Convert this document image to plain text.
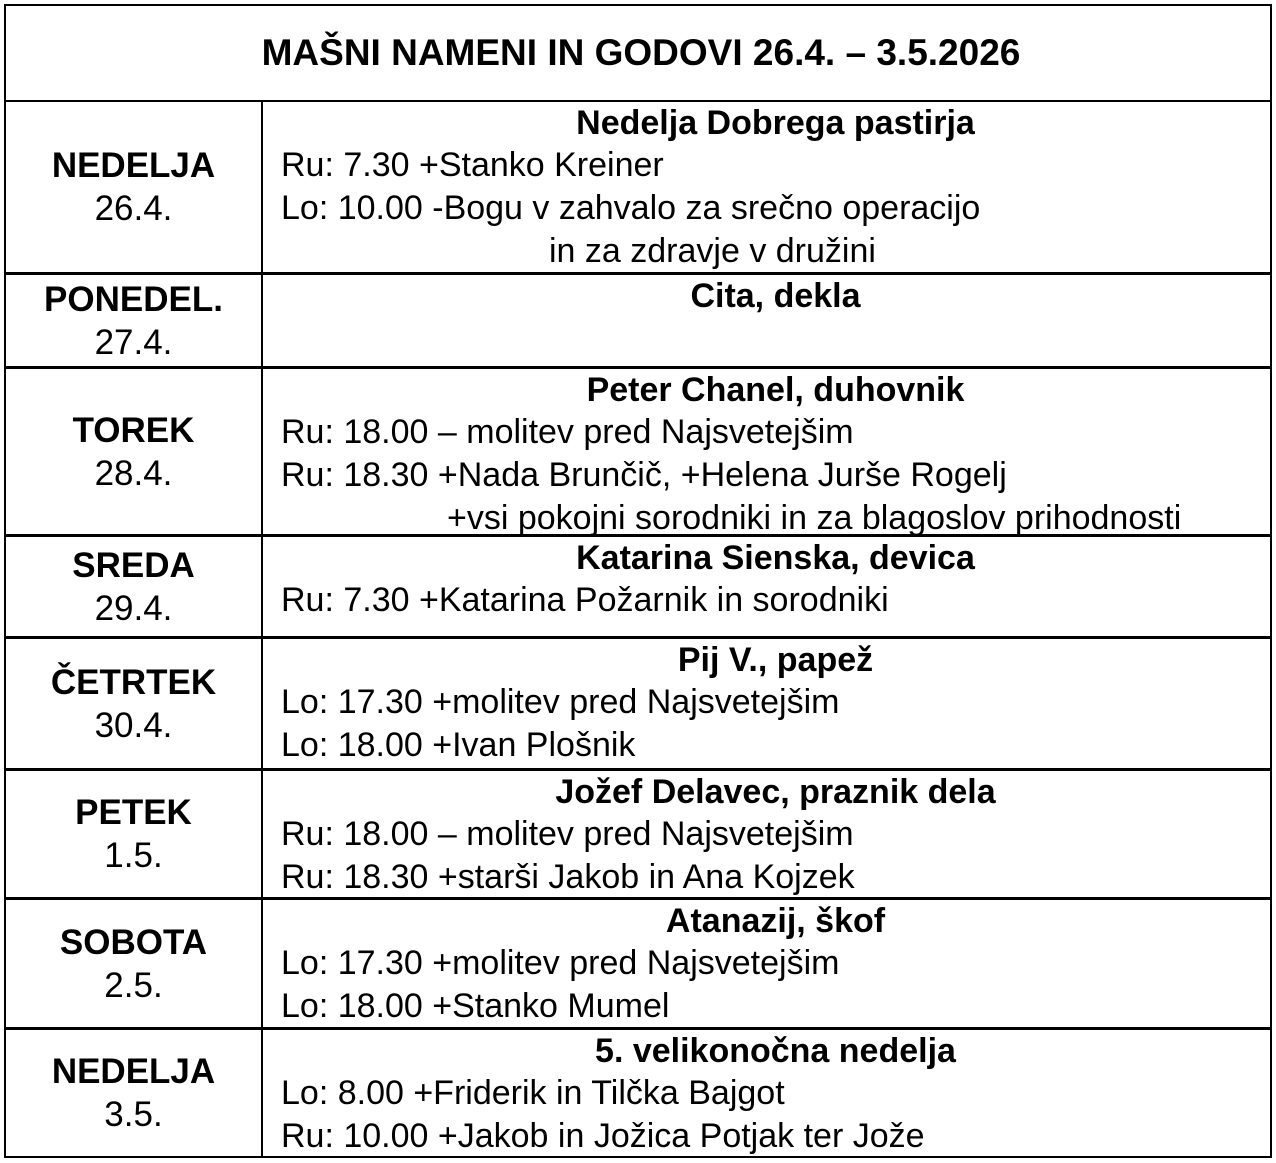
MAŠNI NAMENI IN GODOVI 26.4. – 3.5.2026
NEDELJA
26.4.
Nedelja Dobrega pastirja
Ru: 7.30 +Stanko Kreiner
Lo: 10.00 -Bogu v zahvalo za srečno operacijo
in za zdravje v družini
PONEDEL.
27.4.
Cita, dekla
TOREK
28.4.
Peter Chanel, duhovnik
Ru: 18.00 – molitev pred Najsvetejšim
Ru: 18.30 +Nada Brunčič, +Helena Jurše Rogelj
+vsi pokojni sorodniki in za blagoslov prihodnosti
SREDA
29.4.
Katarina Sienska, devica
Ru: 7.30 +Katarina Požarnik in sorodniki
ČETRTEK
30.4.
Pij V., papež
Lo: 17.30 +molitev pred Najsvetejšim
Lo: 18.00 +Ivan Plošnik
PETEK
1.5.
Jožef Delavec, praznik dela
Ru: 18.00 – molitev pred Najsvetejšim
Ru: 18.30 +starši Jakob in Ana Kojzek
SOBOTA
2.5.
Atanazij, škof
Lo: 17.30 +molitev pred Najsvetejšim
Lo: 18.00 +Stanko Mumel
NEDELJA
3.5.
5. velikonočna nedelja
Lo: 8.00 +Friderik in Tilčka Bajgot
Ru: 10.00 +Jakob in Jožica Potjak ter Jože
